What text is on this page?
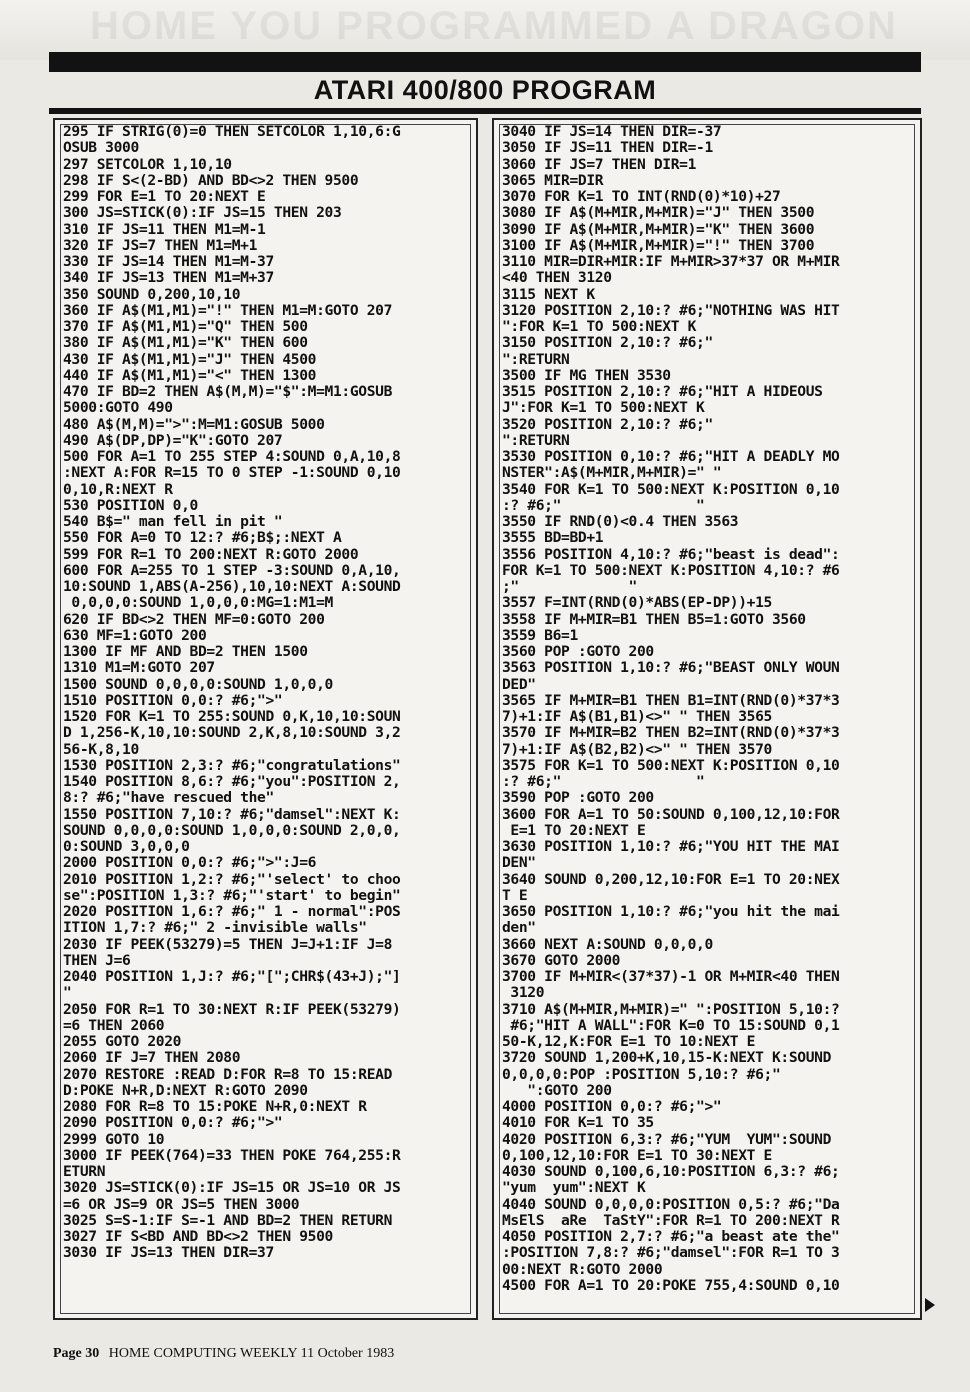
HOME YOU PROGRAMMED A DRAGON
ATARI 400/800 PROGRAM
295 IF STRIG(0)=0 THEN SETCOLOR 1,10,6:G
OSUB 3000
297 SETCOLOR 1,10,10
298 IF S<(2-BD) AND BD<>2 THEN 9500
299 FOR E=1 TO 20:NEXT E
300 JS=STICK(0):IF JS=15 THEN 203
310 IF JS=11 THEN M1=M-1
320 IF JS=7 THEN M1=M+1
330 IF JS=14 THEN M1=M-37
340 IF JS=13 THEN M1=M+37
350 SOUND 0,200,10,10
360 IF A$(M1,M1)="!" THEN M1=M:GOTO 207
370 IF A$(M1,M1)="Q" THEN 500
380 IF A$(M1,M1)="K" THEN 600
430 IF A$(M1,M1)="J" THEN 4500
440 IF A$(M1,M1)="<" THEN 1300
470 IF BD=2 THEN A$(M,M)="$":M=M1:GOSUB
5000:GOTO 490
480 A$(M,M)=">":M=M1:GOSUB 5000
490 A$(DP,DP)="K":GOTO 207
500 FOR A=1 TO 255 STEP 4:SOUND 0,A,10,8
:NEXT A:FOR R=15 TO 0 STEP -1:SOUND 0,10
0,10,R:NEXT R
530 POSITION 0,0
540 B$=" man fell in pit "
550 FOR A=0 TO 12:? #6;B$;:NEXT A
599 FOR R=1 TO 200:NEXT R:GOTO 2000
600 FOR A=255 TO 1 STEP -3:SOUND 0,A,10,
10:SOUND 1,ABS(A-256),10,10:NEXT A:SOUND
0,0,0,0:SOUND 1,0,0,0:MG=1:M1=M
620 IF BD<>2 THEN MF=0:GOTO 200
630 MF=1:GOTO 200
1300 IF MF AND BD=2 THEN 1500
1310 M1=M:GOTO 207
1500 SOUND 0,0,0,0:SOUND 1,0,0,0
1510 POSITION 0,0:? #6;">"
1520 FOR K=1 TO 255:SOUND 0,K,10,10:SOUN
D 1,256-K,10,10:SOUND 2,K,8,10:SOUND 3,2
56-K,8,10
1530 POSITION 2,3:? #6;"congratulations"
1540 POSITION 8,6:? #6;"you":POSITION 2,
8:? #6;"have rescued the"
1550 POSITION 7,10:? #6;"damsel":NEXT K:
SOUND 0,0,0,0:SOUND 1,0,0,0:SOUND 2,0,0,
0:SOUND 3,0,0,0
2000 POSITION 0,0:? #6;">":J=6
2010 POSITION 1,2:? #6;"'select' to choo
se":POSITION 1,3:? #6;"'start' to begin"
2020 POSITION 1,6:? #6;" 1 - normal":POS
ITION 1,7:? #6;" 2 -invisible walls"
2030 IF PEEK(53279)=5 THEN J=J+1:IF J=8
THEN J=6
2040 POSITION 1,J:? #6;"[";CHR$(43+J);"]
"
2050 FOR R=1 TO 30:NEXT R:IF PEEK(53279)
=6 THEN 2060
2055 GOTO 2020
2060 IF J=7 THEN 2080
2070 RESTORE :READ D:FOR R=8 TO 15:READ
D:POKE N+R,D:NEXT R:GOTO 2090
2080 FOR R=8 TO 15:POKE N+R,0:NEXT R
2090 POSITION 0,0:? #6;">"
2999 GOTO 10
3000 IF PEEK(764)=33 THEN POKE 764,255:R
ETURN
3020 JS=STICK(0):IF JS=15 OR JS=10 OR JS
=6 OR JS=9 OR JS=5 THEN 3000
3025 S=S-1:IF S=-1 AND BD=2 THEN RETURN
3027 IF S<BD AND BD<>2 THEN 9500
3030 IF JS=13 THEN DIR=37
3040 IF JS=14 THEN DIR=-37
3050 IF JS=11 THEN DIR=-1
3060 IF JS=7 THEN DIR=1
3065 MIR=DIR
3070 FOR K=1 TO INT(RND(0)*10)+27
3080 IF A$(M+MIR,M+MIR)="J" THEN 3500
3090 IF A$(M+MIR,M+MIR)="K" THEN 3600
3100 IF A$(M+MIR,M+MIR)="!" THEN 3700
3110 MIR=DIR+MIR:IF M+MIR>37*37 OR M+MIR
<40 THEN 3120
3115 NEXT K
3120 POSITION 2,10:? #6;"NOTHING WAS HIT
":FOR K=1 TO 500:NEXT K
3150 POSITION 2,10:? #6;"
":RETURN
3500 IF MG THEN 3530
3515 POSITION 2,10:? #6;"HIT A HIDEOUS
J":FOR K=1 TO 500:NEXT K
3520 POSITION 2,10:? #6;"
":RETURN
3530 POSITION 0,10:? #6;"HIT A DEADLY MO
NSTER":A$(M+MIR,M+MIR)=" "
3540 FOR K=1 TO 500:NEXT K:POSITION 0,10
:? #6;"                "
3550 IF RND(0)<0.4 THEN 3563
3555 BD=BD+1
3556 POSITION 4,10:? #6;"beast is dead":
FOR K=1 TO 500:NEXT K:POSITION 4,10:? #6
;"             "
3557 F=INT(RND(0)*ABS(EP-DP))+15
3558 IF M+MIR=B1 THEN B5=1:GOTO 3560
3559 B6=1
3560 POP :GOTO 200
3563 POSITION 1,10:? #6;"BEAST ONLY WOUN
DED"
3565 IF M+MIR=B1 THEN B1=INT(RND(0)*37*3
7)+1:IF A$(B1,B1)<>" " THEN 3565
3570 IF M+MIR=B2 THEN B2=INT(RND(0)*37*3
7)+1:IF A$(B2,B2)<>" " THEN 3570
3575 FOR K=1 TO 500:NEXT K:POSITION 0,10
:? #6;"                "
3590 POP :GOTO 200
3600 FOR A=1 TO 50:SOUND 0,100,12,10:FOR
E=1 TO 20:NEXT E
3630 POSITION 1,10:? #6;"YOU HIT THE MAI
DEN"
3640 SOUND 0,200,12,10:FOR E=1 TO 20:NEX
T E
3650 POSITION 1,10:? #6;"you hit the mai
den"
3660 NEXT A:SOUND 0,0,0,0
3670 GOTO 2000
3700 IF M+MIR<(37*37)-1 OR M+MIR<40 THEN
3120
3710 A$(M+MIR,M+MIR)=" ":POSITION 5,10:?
#6;"HIT A WALL":FOR K=0 TO 15:SOUND 0,1
50-K,12,K:FOR E=1 TO 10:NEXT E
3720 SOUND 1,200+K,10,15-K:NEXT K:SOUND
0,0,0,0:POP :POSITION 5,10:? #6;"
":GOTO 200
4000 POSITION 0,0:? #6;">"
4010 FOR K=1 TO 35
4020 POSITION 6,3:? #6;"YUM  YUM":SOUND
0,100,12,10:FOR E=1 TO 30:NEXT E
4030 SOUND 0,100,6,10:POSITION 6,3:? #6;
"yum  yum":NEXT K
4040 SOUND 0,0,0,0:POSITION 0,5:? #6;"Da
MsElS  aRe  TaStY":FOR R=1 TO 200:NEXT R
4050 POSITION 2,7:? #6;"a beast ate the"
:POSITION 7,8:? #6;"damsel":FOR R=1 TO 3
00:NEXT R:GOTO 2000
4500 FOR A=1 TO 20:POKE 755,4:SOUND 0,10
Page 30 HOME COMPUTING WEEKLY 11 October 1983
